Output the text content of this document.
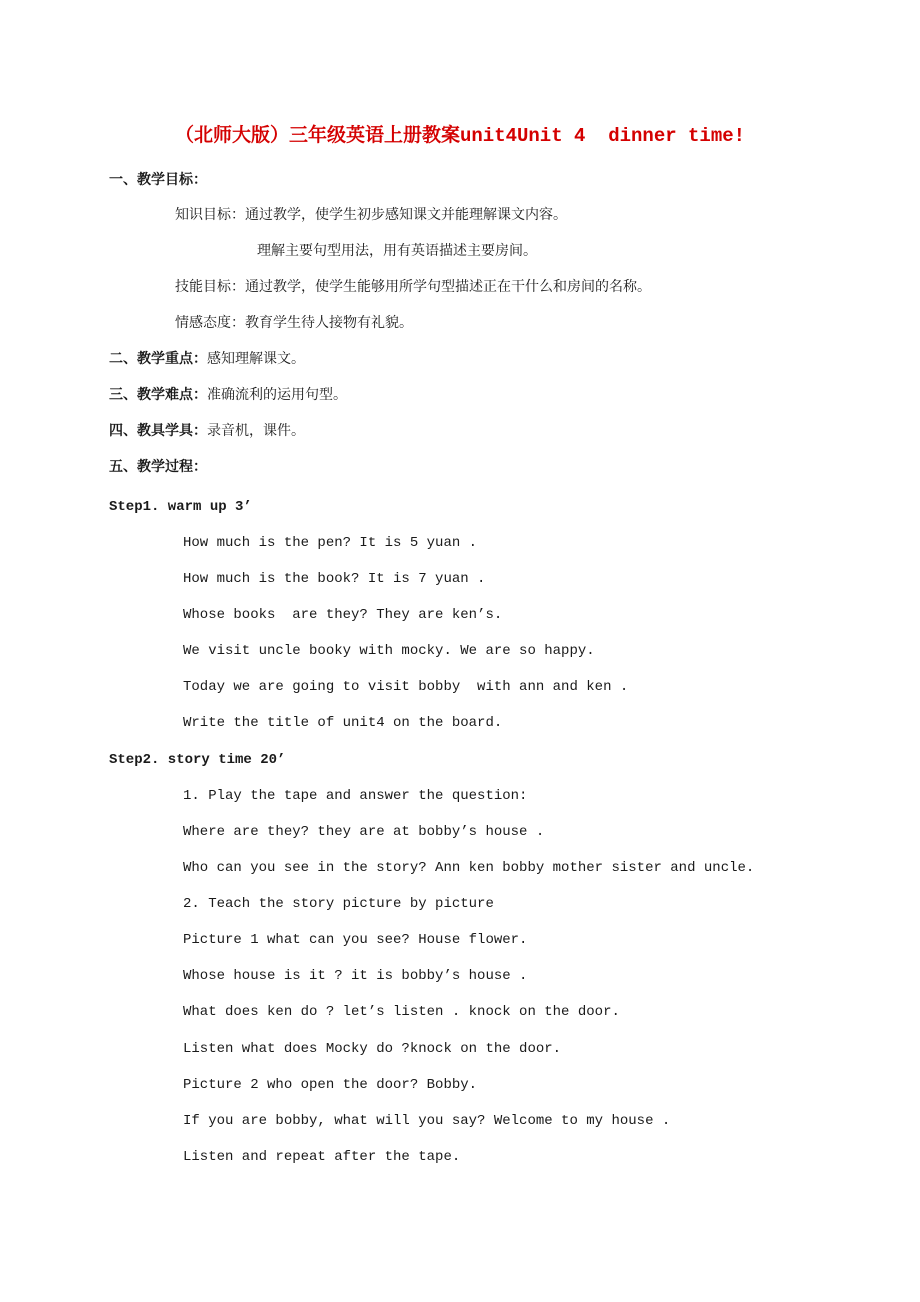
（北师大版）三年级英语上册教案unit4Unit 4  dinner time!
一、教学目标：
知识目标：通过教学，使学生初步感知课文并能理解课文内容。
理解主要句型用法，用有英语描述主要房间。
技能目标：通过教学，使学生能够用所学句型描述正在干什么和房间的名称。
情感态度：教育学生待人接物有礼貌。
二、教学重点：感知理解课文。
三、教学难点：准确流利的运用句型。
四、教具学具：录音机，课件。
五、教学过程：
Step1. warm up 3’
How much is the pen? It is 5 yuan .
How much is the book? It is 7 yuan .
Whose books  are they? They are ken’s.
We visit uncle booky with mocky. We are so happy.
Today we are going to visit bobby  with ann and ken .
Write the title of unit4 on the board.
Step2. story time 20’
1. Play the tape and answer the question:
Where are they? they are at bobby’s house .
Who can you see in the story? Ann ken bobby mother sister and uncle.
2. Teach the story picture by picture
Picture 1 what can you see? House flower.
Whose house is it ? it is bobby’s house .
What does ken do ? let’s listen . knock on the door.
Listen what does Mocky do ?knock on the door.
Picture 2 who open the door? Bobby.
If you are bobby, what will you say? Welcome to my house .
Listen and repeat after the tape.
